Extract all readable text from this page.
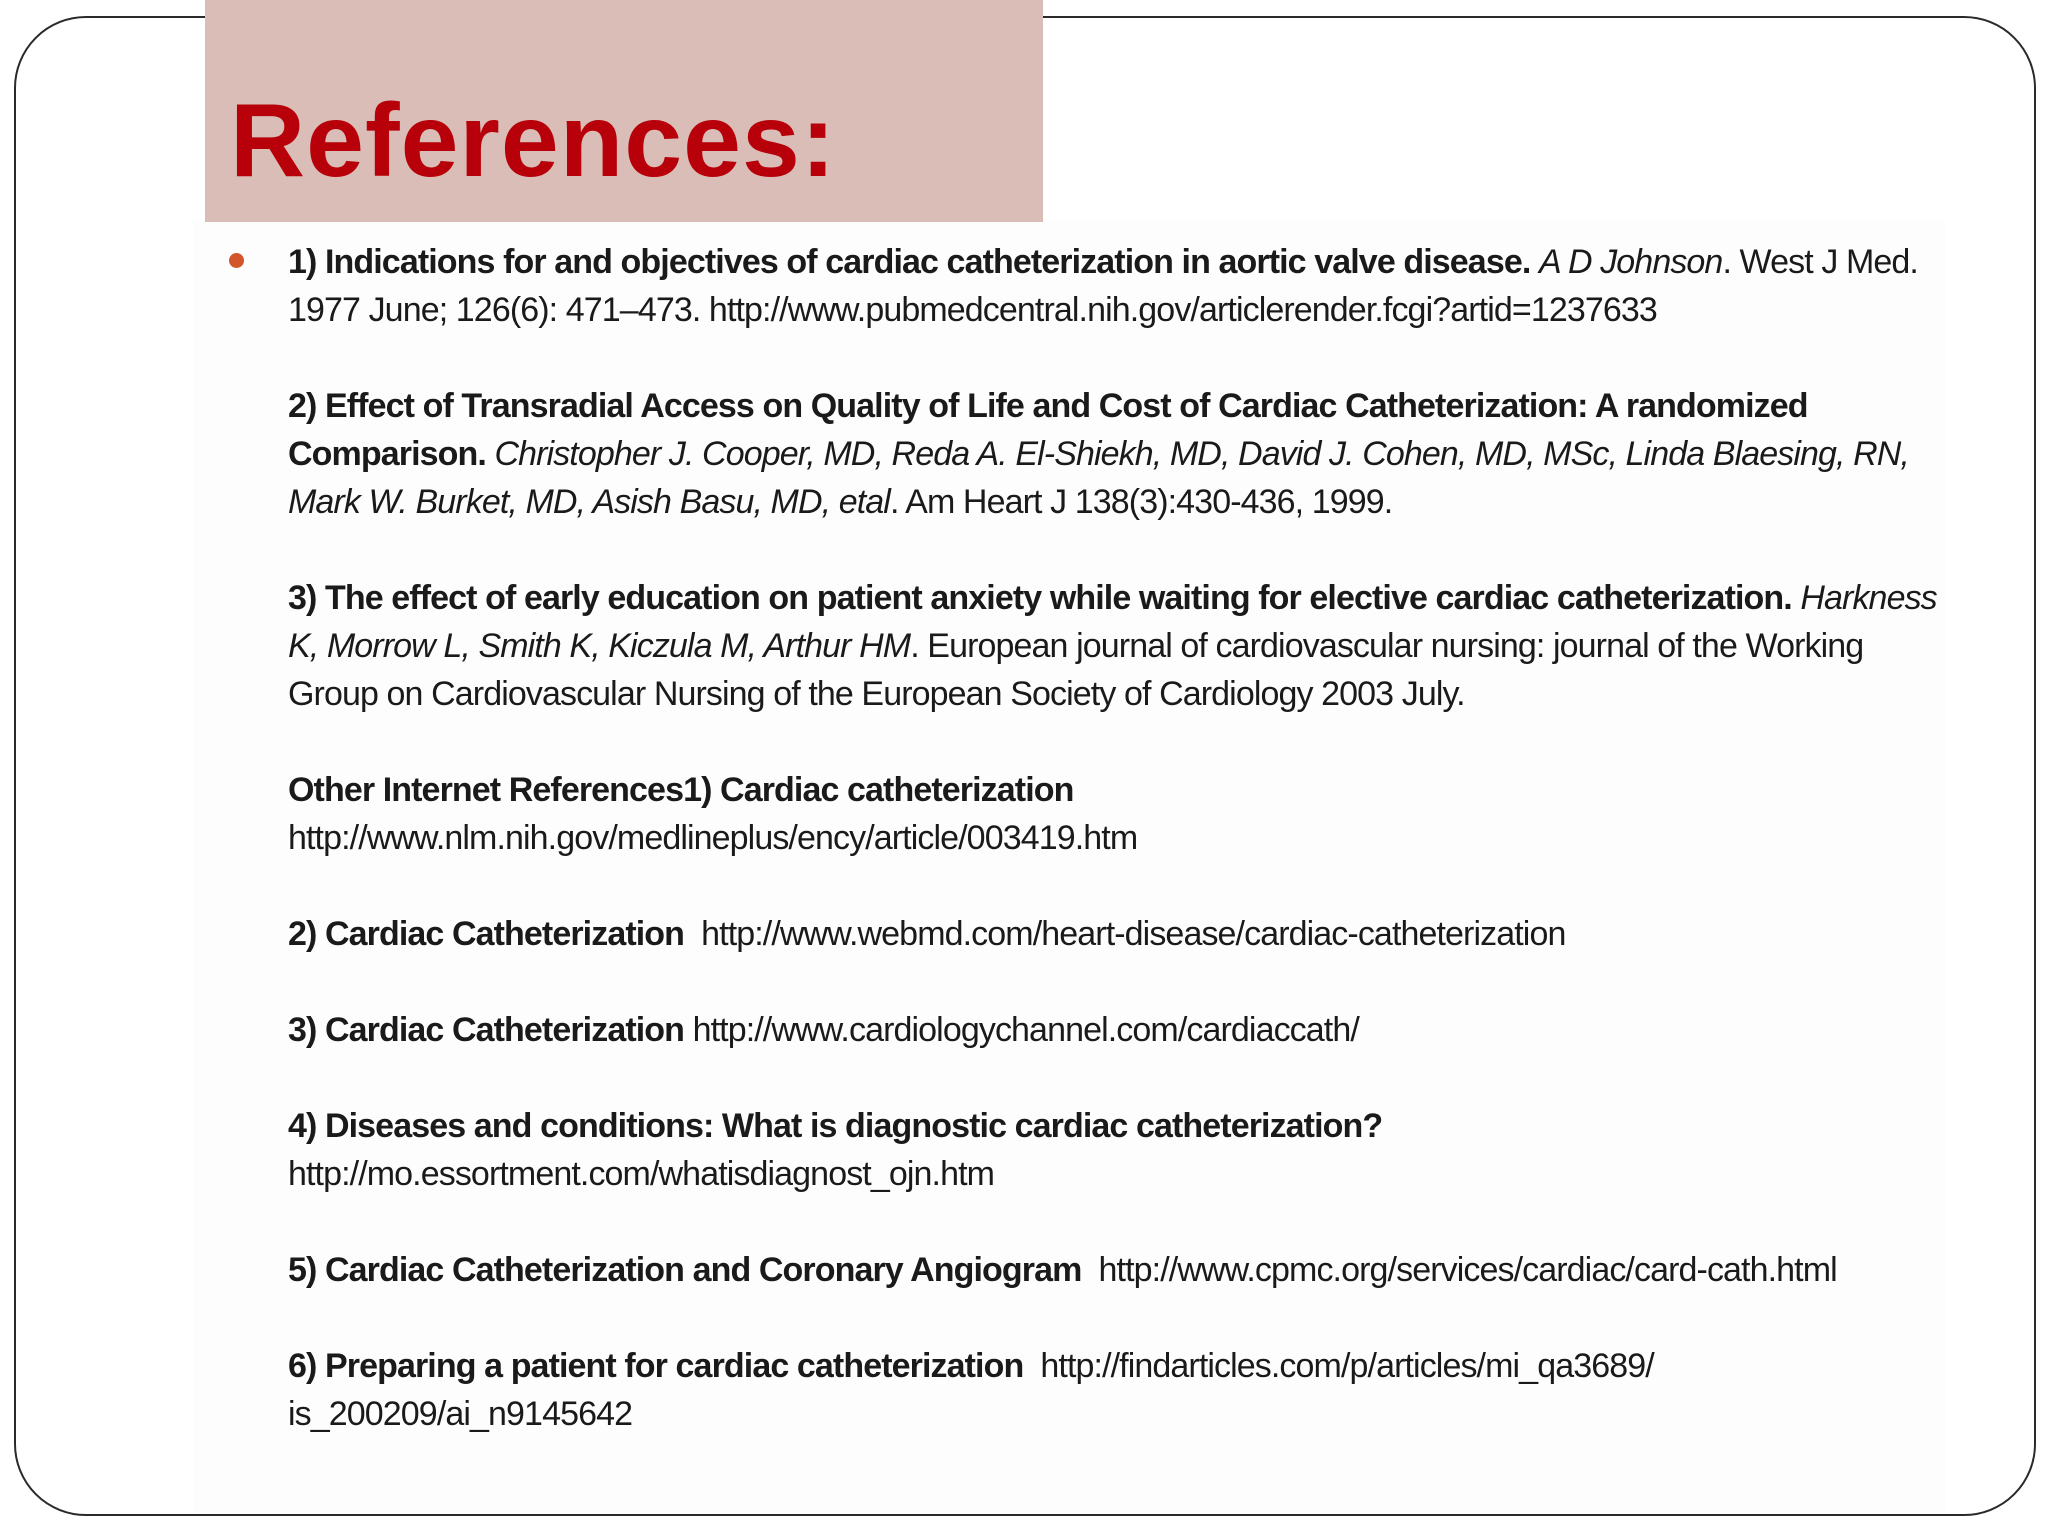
References:

1) Indications for and objectives of cardiac catheterization in aortic valve disease. A D Johnson. West J Med. 1977 June; 126(6): 471–473. http://www.pubmedcentral.nih.gov/articlerender.fcgi?artid=1237633

2) Effect of Transradial Access on Quality of Life and Cost of Cardiac Catheterization: A randomized Comparison. Christopher J. Cooper, MD, Reda A. El-Shiekh, MD, David J. Cohen, MD, MSc, Linda Blaesing, RN, Mark W. Burket, MD, Asish Basu, MD, etal. Am Heart J 138(3):430-436, 1999.

3) The effect of early education on patient anxiety while waiting for elective cardiac catheterization. Harkness K, Morrow L, Smith K, Kiczula M, Arthur HM. European journal of cardiovascular nursing: journal of the Working Group on Cardiovascular Nursing of the European Society of Cardiology 2003 July.

Other Internet References1) Cardiac catheterization
http://www.nlm.nih.gov/medlineplus/ency/article/003419.htm

2) Cardiac Catheterization http://www.webmd.com/heart-disease/cardiac-catheterization

3) Cardiac Catheterization http://www.cardiologychannel.com/cardiaccath/

4) Diseases and conditions: What is diagnostic cardiac catheterization?
http://mo.essortment.com/whatisdiagnost_ojn.htm

5) Cardiac Catheterization and Coronary Angiogram http://www.cpmc.org/services/cardiac/card-cath.html

6) Preparing a patient for cardiac catheterization http://findarticles.com/p/articles/mi_qa3689/ is_200209/ai_n9145642
